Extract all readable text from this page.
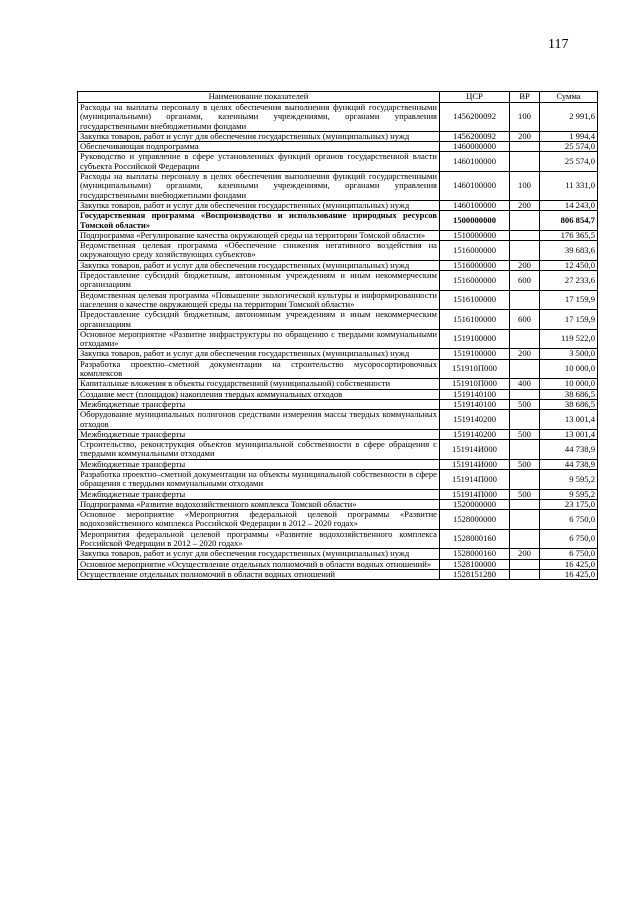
117
Наименование показателей	ЦСР	ВР	Сумма
Расходы на выплаты персоналу в целях обеспечения выполнения функций государственными (муниципальными) органами, казенными учреждениями, органами управления государственными внебюджетными фондами	1456200092	100	2 991,6
Закупка товаров, работ и услуг для обеспечения государственных (муниципальных) нужд	1456200092	200	1 994,4
Обеспечивающая подпрограмма	1460000000		25 574,0
Руководство и управление в сфере установленных функций органов государственной власти субъекта Российской Федерации	1460100000		25 574,0
Расходы на выплаты персоналу в целях обеспечения выполнения функций государственными (муниципальными) органами, казенными учреждениями, органами управления государственными внебюджетными фондами	1460100000	100	11 331,0
Закупка товаров, работ и услуг для обеспечения государственных (муниципальных) нужд	1460100000	200	14 243,0
Государственная программа «Воспроизводство и использование природных ресурсов Томской области»	1500000000		806 854,7
Подпрограмма «Регулирование качества окружающей среды на территории Томской области»	1510000000		176 365,5
Ведомственная целевая программа «Обеспечение снижения негативного воздействия на окружающую среду хозяйствующих субъектов»	1516000000		39 683,6
Закупка товаров, работ и услуг для обеспечения государственных (муниципальных) нужд	1516000000	200	12 450,0
Предоставление субсидий бюджетным, автономным учреждениям и иным некоммерческим организациям	1516000000	600	27 233,6
Ведомственная целевая программа «Повышение экологической культуры и информированности населения о качестве окружающей среды на территории Томской области»	1516100000		17 159,9
Предоставление субсидий бюджетным, автономным учреждениям и иным некоммерческим организациям	1516100000	600	17 159,9
Основное мероприятие «Развитие инфраструктуры по обращению с твердыми коммунальными отходами»	1519100000		119 522,0
Закупка товаров, работ и услуг для обеспечения государственных (муниципальных) нужд	1519100000	200	3 500,0
Разработка проектно–сметной документации на строительство мусоросортировочных комплексов	151910П000		10 000,0
Капитальные вложения в объекты государственной (муниципальной) собственности	151910П000	400	10 000,0
Создание мест (площадок) накопления твердых коммунальных отходов	1519140100		38 686,5
Межбюджетные трансферты	1519140100	500	38 686,5
Оборудование муниципальных полигонов средствами измерения массы твердых коммунальных отходов	1519140200		13 001,4
Межбюджетные трансферты	1519140200	500	13 001,4
Строительство, реконструкция объектов муниципальной собственности в сфере обращения с твердыми коммунальными отходами	151914И000		44 738,9
Межбюджетные трансферты	151914И000	500	44 738,9
Разработка проектно–сметной документации на объекты муниципальной собственности в сфере обращения с твердыми коммунальными отходами	151914П000		9 595,2
Межбюджетные трансферты	151914П000	500	9 595,2
Подпрограмма «Развитие водохозяйственного комплекса Томской области»	1520000000		23 175,0
Основное мероприятие «Мероприятия федеральной целевой программы «Развитие водохозяйственного комплекса Российской Федерации в 2012 – 2020 годах»	1528000000		6 750,0
Мероприятия федеральной целевой программы «Развитие водохозяйственного комплекса Российской Федерации в 2012 – 2020 годах»	1528000160		6 750,0
Закупка товаров, работ и услуг для обеспечения государственных (муниципальных) нужд	1528000160	200	6 750,0
Основное мероприятие «Осуществление отдельных полномочий в области водных отношений»	1528100000		16 425,0
Осуществление отдельных полномочий в области водных отношений	1528151280		16 425,0
